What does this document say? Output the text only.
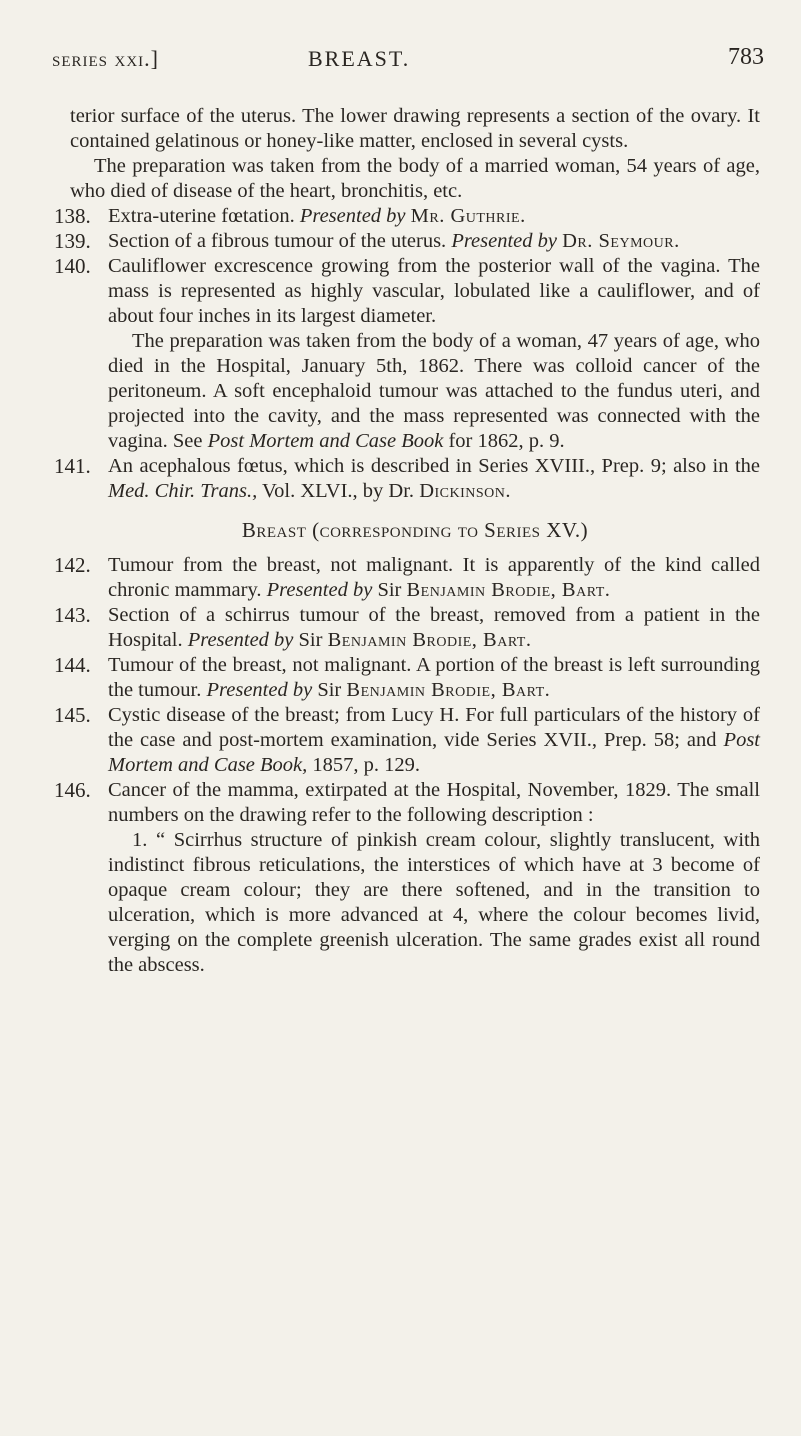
series xxi.]	BREAST.	783

terior surface of the uterus. The lower drawing represents a section of the ovary. It contained gelatinous or honey-like matter, enclosed in several cysts.

The preparation was taken from the body of a married woman, 54 years of age, who died of disease of the heart, bronchitis, etc.

138. Extra-uterine fœtation. Presented by Mr. Guthrie.

139. Section of a fibrous tumour of the uterus. Presented by Dr. Seymour.

140. Cauliflower excrescence growing from the posterior wall of the vagina. The mass is represented as highly vascular, lobulated like a cauliflower, and of about four inches in its largest diameter.

The preparation was taken from the body of a woman, 47 years of age, who died in the Hospital, January 5th, 1862. There was colloid cancer of the peritoneum. A soft encephaloid tumour was attached to the fundus uteri, and projected into the cavity, and the mass represented was connected with the vagina. See Post Mortem and Case Book for 1862, p. 9.

141. An acephalous fœtus, which is described in Series XVIII., Prep. 9; also in the Med. Chir. Trans., Vol. XLVI., by Dr. Dickinson.

Breast (corresponding to Series XV.)

142. Tumour from the breast, not malignant. It is apparently of the kind called chronic mammary. Presented by Sir Benjamin Brodie, Bart.

143. Section of a schirrus tumour of the breast, removed from a patient in the Hospital. Presented by Sir Benjamin Brodie, Bart.

144. Tumour of the breast, not malignant. A portion of the breast is left surrounding the tumour. Presented by Sir Benjamin Brodie, Bart.

145. Cystic disease of the breast; from Lucy H. For full particulars of the history of the case and post-mortem examination, vide Series XVII., Prep. 58; and Post Mortem and Case Book, 1857, p. 129.

146. Cancer of the mamma, extirpated at the Hospital, November, 1829. The small numbers on the drawing refer to the following description :

1. “ Scirrhus structure of pinkish cream colour, slightly translucent, with indistinct fibrous reticulations, the interstices of which have at 3 become of opaque cream colour; they are there softened, and in the transition to ulceration, which is more advanced at 4, where the colour becomes livid, verging on the complete greenish ulceration. The same grades exist all round the abscess.
